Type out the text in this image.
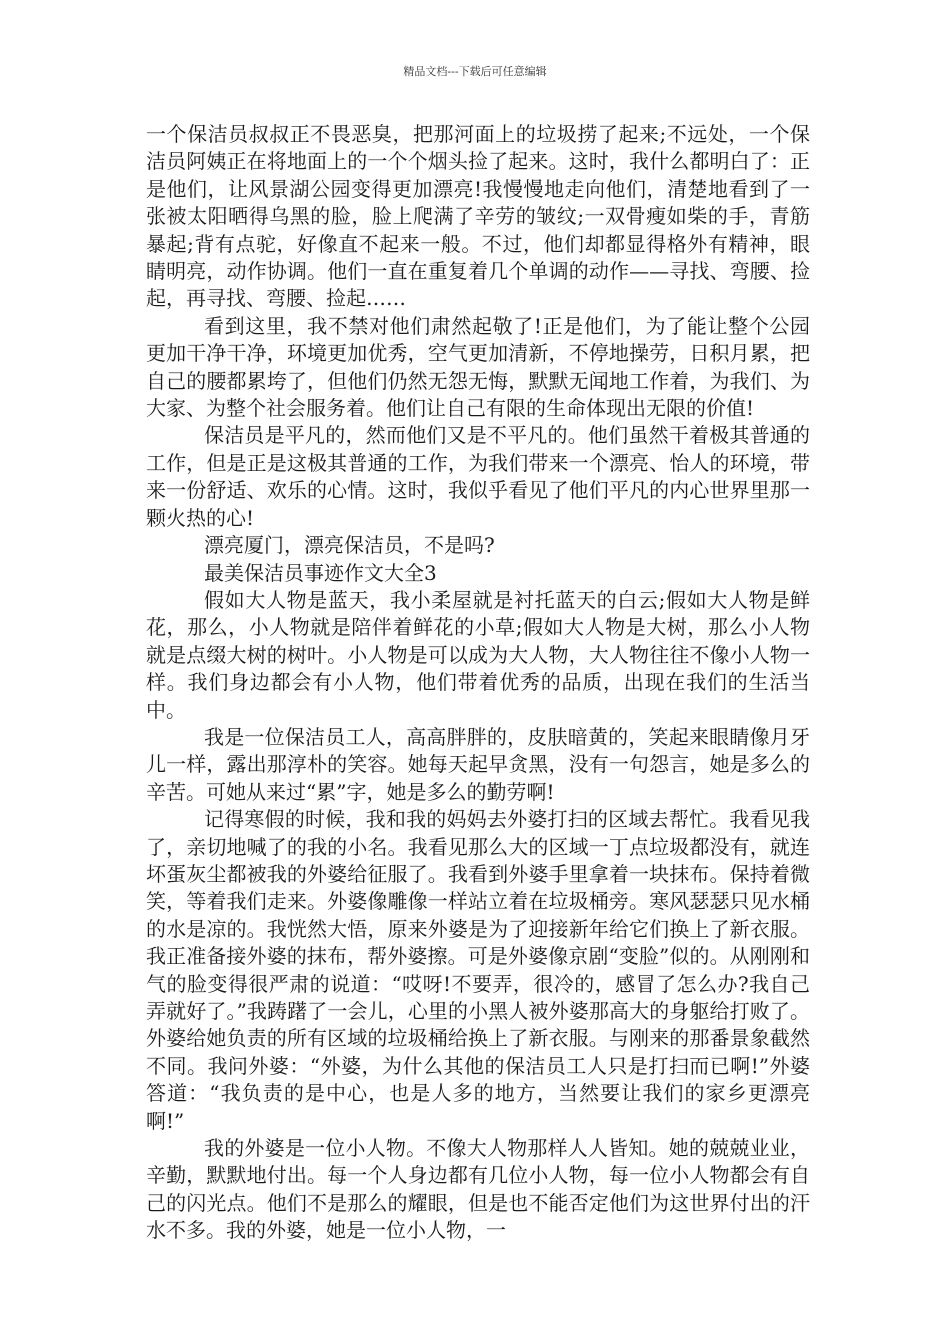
精品文档---下载后可任意编辑

一个保洁员叔叔正不畏恶臭，把那河面上的垃圾捞了起来;不远处，一个保洁员阿姨正在将地面上的一个个烟头捡了起来。这时，我什么都明白了：正是他们，让风景湖公园变得更加漂亮!我慢慢地走向他们，清楚地看到了一张被太阳晒得乌黑的脸，脸上爬满了辛劳的皱纹;一双骨瘦如柴的手，青筋暴起;背有点驼，好像直不起来一般。不过，他们却都显得格外有精神，眼睛明亮，动作协调。他们一直在重复着几个单调的动作——寻找、弯腰、捡起，再寻找、弯腰、捡起……

看到这里，我不禁对他们肃然起敬了!正是他们，为了能让整个公园更加干净干净，环境更加优秀，空气更加清新，不停地操劳，日积月累，把自己的腰都累垮了，但他们仍然无怨无悔，默默无闻地工作着，为我们、为大家、为整个社会服务着。他们让自己有限的生命体现出无限的价值!

保洁员是平凡的，然而他们又是不平凡的。他们虽然干着极其普通的工作，但是正是这极其普通的工作，为我们带来一个漂亮、怡人的环境，带来一份舒适、欢乐的心情。这时，我似乎看见了他们平凡的内心世界里那一颗火热的心!

漂亮厦门，漂亮保洁员，不是吗?

最美保洁员事迹作文大全3

假如大人物是蓝天，我小柔屋就是衬托蓝天的白云;假如大人物是鲜花，那么，小人物就是陪伴着鲜花的小草;假如大人物是大树，那么小人物就是点缀大树的树叶。小人物是可以成为大人物，大人物往往不像小人物一样。我们身边都会有小人物，他们带着优秀的品质，出现在我们的生活当中。

我是一位保洁员工人，高高胖胖的，皮肤暗黄的，笑起来眼睛像月牙儿一样，露出那淳朴的笑容。她每天起早贪黑，没有一句怨言，她是多么的辛苦。可她从来过“累”字，她是多么的勤劳啊!

记得寒假的时候，我和我的妈妈去外婆打扫的区域去帮忙。我看见我了，亲切地喊了的我的小名。我看见那么大的区域一丁点垃圾都没有，就连坏蛋灰尘都被我的外婆给征服了。我看到外婆手里拿着一块抹布。保持着微笑，等着我们走来。外婆像雕像一样站立着在垃圾桶旁。寒风瑟瑟只见水桶的水是凉的。我恍然大悟，原来外婆是为了迎接新年给它们换上了新衣服。我正准备接外婆的抹布，帮外婆擦。可是外婆像京剧“变脸”似的。从刚刚和气的脸变得很严肃的说道：“哎呀!不要弄，很冷的，感冒了怎么办?我自己弄就好了。”我踌躇了一会儿，心里的小黑人被外婆那高大的身躯给打败了。外婆给她负责的所有区域的垃圾桶给换上了新衣服。与刚来的那番景象截然不同。我问外婆：“外婆，为什么其他的保洁员工人只是打扫而已啊!”外婆答道：“我负责的是中心，也是人多的地方，当然要让我们的家乡更漂亮啊!”

我的外婆是一位小人物。不像大人物那样人人皆知。她的兢兢业业，辛勤，默默地付出。每一个人身边都有几位小人物，每一位小人物都会有自己的闪光点。他们不是那么的耀眼，但是也不能否定他们为这世界付出的汗水不多。我的外婆，她是一位小人物，一
